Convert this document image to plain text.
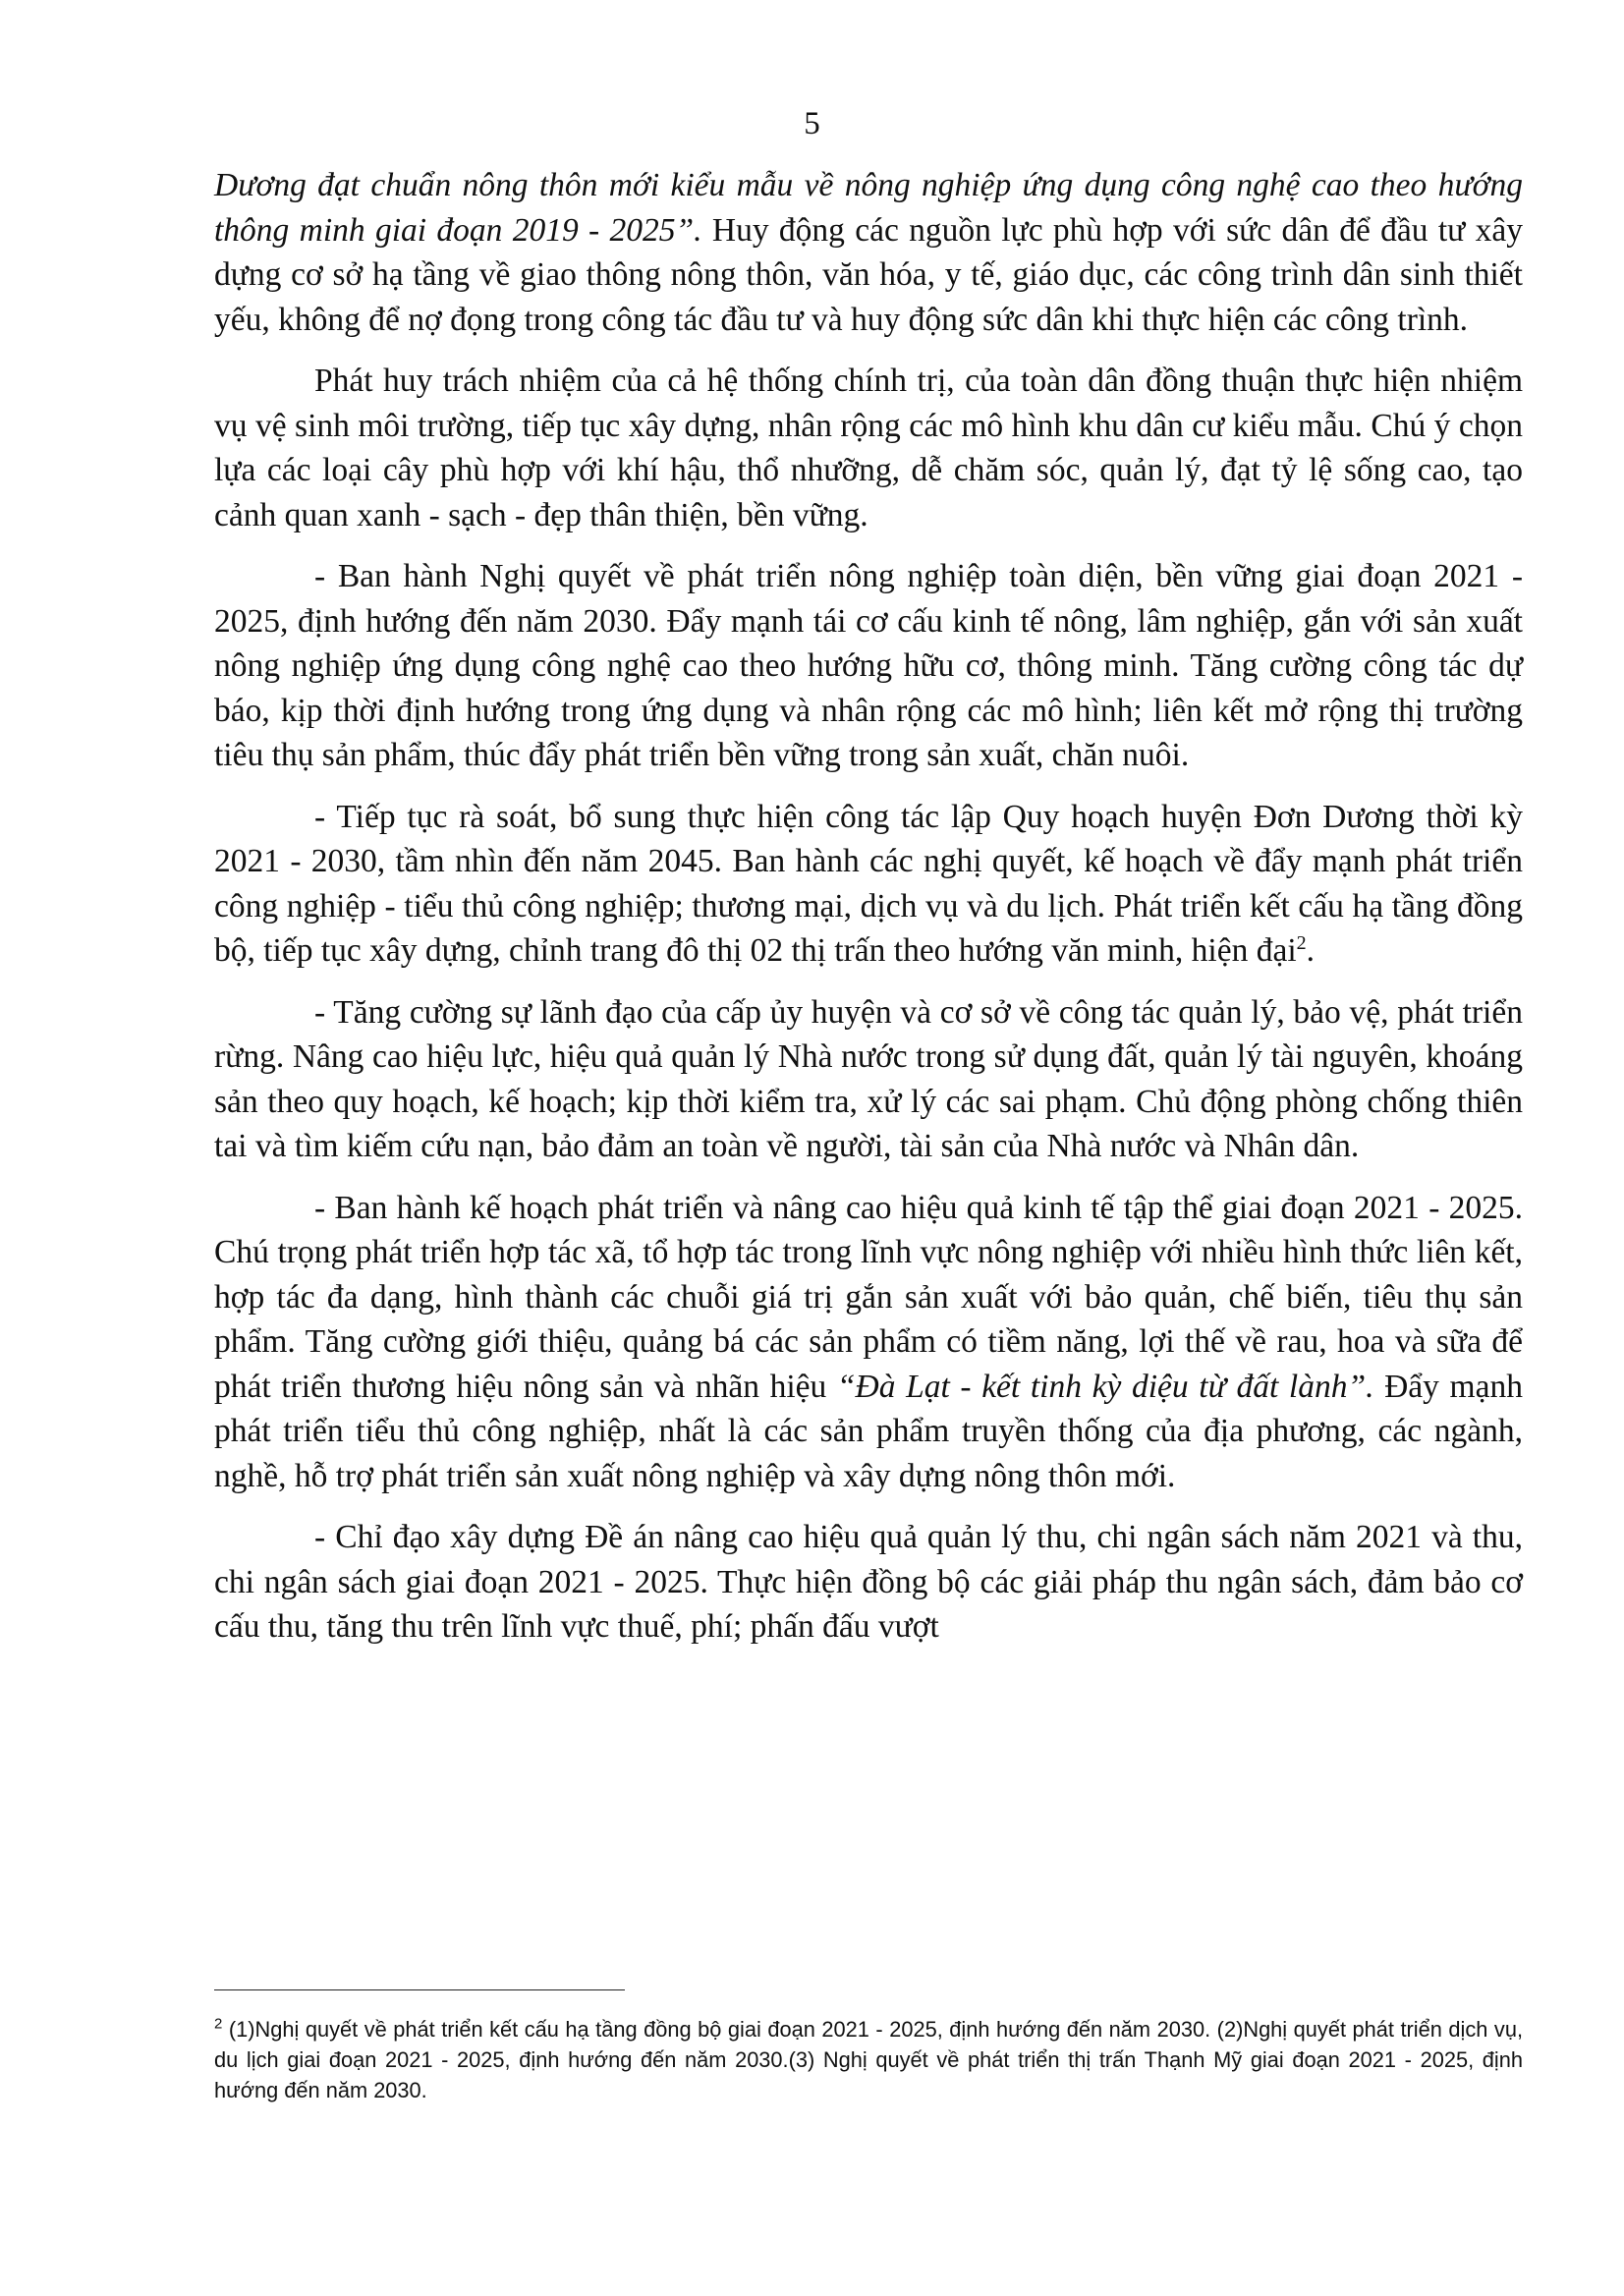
5

Dương đạt chuẩn nông thôn mới kiểu mẫu về nông nghiệp ứng dụng công nghệ cao theo hướng thông minh giai đoạn 2019 - 2025”. Huy động các nguồn lực phù hợp với sức dân để đầu tư xây dựng cơ sở hạ tầng về giao thông nông thôn, văn hóa, y tế, giáo dục, các công trình dân sinh thiết yếu, không để nợ đọng trong công tác đầu tư và huy động sức dân khi thực hiện các công trình.

Phát huy trách nhiệm của cả hệ thống chính trị, của toàn dân đồng thuận thực hiện nhiệm vụ vệ sinh môi trường, tiếp tục xây dựng, nhân rộng các mô hình khu dân cư kiểu mẫu. Chú ý chọn lựa các loại cây phù hợp với khí hậu, thổ nhưỡng, dễ chăm sóc, quản lý, đạt tỷ lệ sống cao, tạo cảnh quan xanh - sạch - đẹp thân thiện, bền vững.

- Ban hành Nghị quyết về phát triển nông nghiệp toàn diện, bền vững giai đoạn 2021 - 2025, định hướng đến năm 2030. Đẩy mạnh tái cơ cấu kinh tế nông, lâm nghiệp, gắn với sản xuất nông nghiệp ứng dụng công nghệ cao theo hướng hữu cơ, thông minh. Tăng cường công tác dự báo, kịp thời định hướng trong ứng dụng và nhân rộng các mô hình; liên kết mở rộng thị trường tiêu thụ sản phẩm, thúc đẩy phát triển bền vững trong sản xuất, chăn nuôi.

- Tiếp tục rà soát, bổ sung thực hiện công tác lập Quy hoạch huyện Đơn Dương thời kỳ 2021 - 2030, tầm nhìn đến năm 2045. Ban hành các nghị quyết, kế hoạch về đẩy mạnh phát triển công nghiệp - tiểu thủ công nghiệp; thương mại, dịch vụ và du lịch. Phát triển kết cấu hạ tầng đồng bộ, tiếp tục xây dựng, chỉnh trang đô thị 02 thị trấn theo hướng văn minh, hiện đại$^2$.

- Tăng cường sự lãnh đạo của cấp ủy huyện và cơ sở về công tác quản lý, bảo vệ, phát triển rừng. Nâng cao hiệu lực, hiệu quả quản lý Nhà nước trong sử dụng đất, quản lý tài nguyên, khoáng sản theo quy hoạch, kế hoạch; kịp thời kiểm tra, xử lý các sai phạm. Chủ động phòng chống thiên tai và tìm kiếm cứu nạn, bảo đảm an toàn về người, tài sản của Nhà nước và Nhân dân.

- Ban hành kế hoạch phát triển và nâng cao hiệu quả kinh tế tập thể giai đoạn 2021 - 2025. Chú trọng phát triển hợp tác xã, tổ hợp tác trong lĩnh vực nông nghiệp với nhiều hình thức liên kết, hợp tác đa dạng, hình thành các chuỗi giá trị gắn sản xuất với bảo quản, chế biến, tiêu thụ sản phẩm. Tăng cường giới thiệu, quảng bá các sản phẩm có tiềm năng, lợi thế về rau, hoa và sữa để phát triển thương hiệu nông sản và nhãn hiệu “Đà Lạt - kết tinh kỳ diệu từ đất lành”. Đẩy mạnh phát triển tiểu thủ công nghiệp, nhất là các sản phẩm truyền thống của địa phương, các ngành, nghề, hỗ trợ phát triển sản xuất nông nghiệp và xây dựng nông thôn mới.

- Chỉ đạo xây dựng Đề án nâng cao hiệu quả quản lý thu, chi ngân sách năm 2021 và thu, chi ngân sách giai đoạn 2021 - 2025. Thực hiện đồng bộ các giải pháp thu ngân sách, đảm bảo cơ cấu thu, tăng thu trên lĩnh vực thuế, phí; phấn đấu vượt

$^2$ (1)Nghị quyết về phát triển kết cấu hạ tầng đồng bộ giai đoạn 2021 - 2025, định hướng đến năm 2030. (2)Nghị quyết phát triển dịch vụ, du lịch giai đoạn 2021 - 2025, định hướng đến năm 2030.(3) Nghị quyết về phát triển thị trấn Thạnh Mỹ giai đoạn 2021 - 2025, định hướng đến năm 2030.
